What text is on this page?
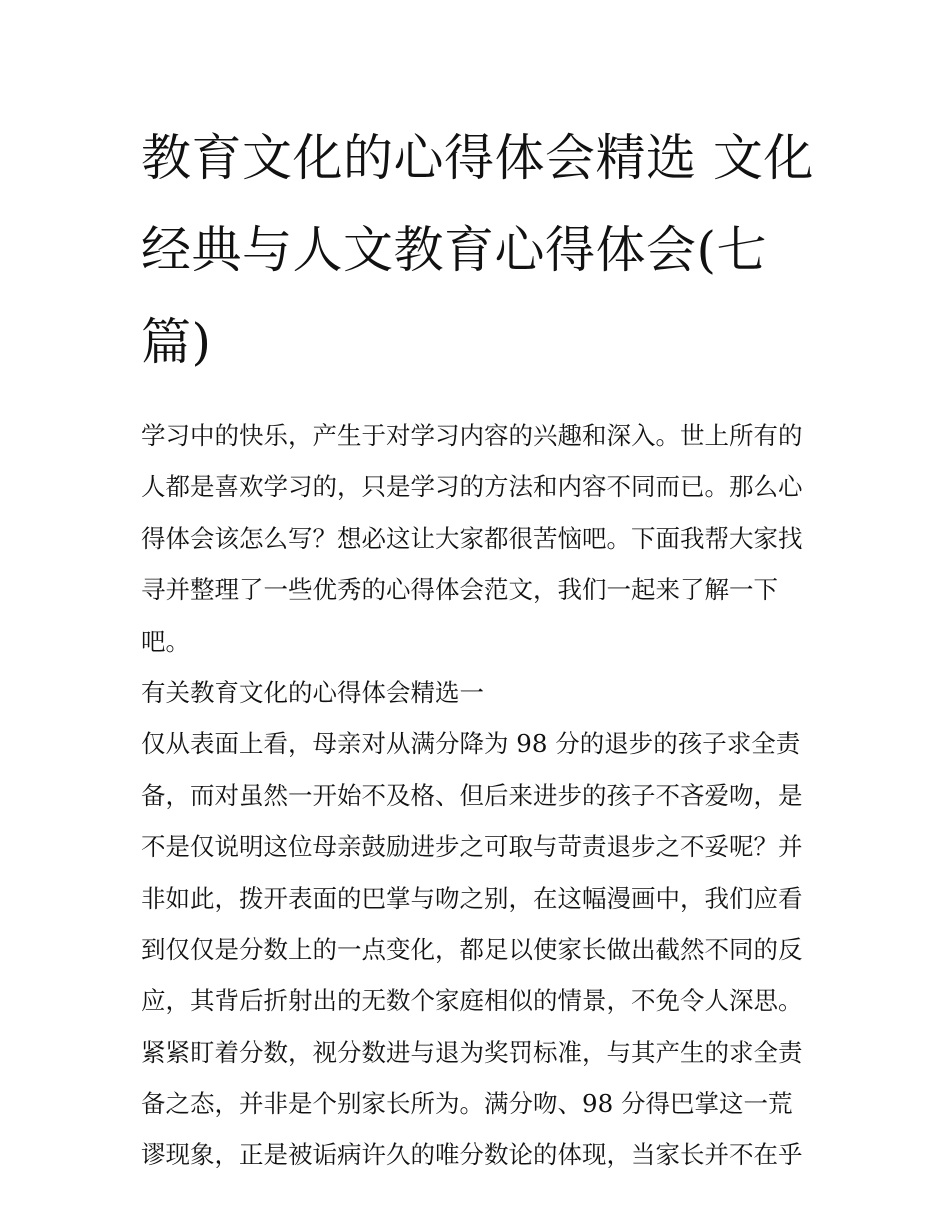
教育文化的心得体会精选 文化
经典与人文教育心得体会(七
篇)
学习中的快乐，产生于对学习内容的兴趣和深入。世上所有的
人都是喜欢学习的，只是学习的方法和内容不同而已。那么心
得体会该怎么写？想必这让大家都很苦恼吧。下面我帮大家找
寻并整理了一些优秀的心得体会范文，我们一起来了解一下
吧。
有关教育文化的心得体会精选一
仅从表面上看，母亲对从满分降为 98 分的退步的孩子求全责
备，而对虽然一开始不及格、但后来进步的孩子不吝爱吻，是
不是仅说明这位母亲鼓励进步之可取与苛责退步之不妥呢？并
非如此，拨开表面的巴掌与吻之别，在这幅漫画中，我们应看
到仅仅是分数上的一点变化，都足以使家长做出截然不同的反
应，其背后折射出的无数个家庭相似的情景，不免令人深思。
紧紧盯着分数，视分数进与退为奖罚标准，与其产生的求全责
备之态，并非是个别家长所为。满分吻、98 分得巴掌这一荒
谬现象，正是被诟病许久的唯分数论的体现，当家长并不在乎
